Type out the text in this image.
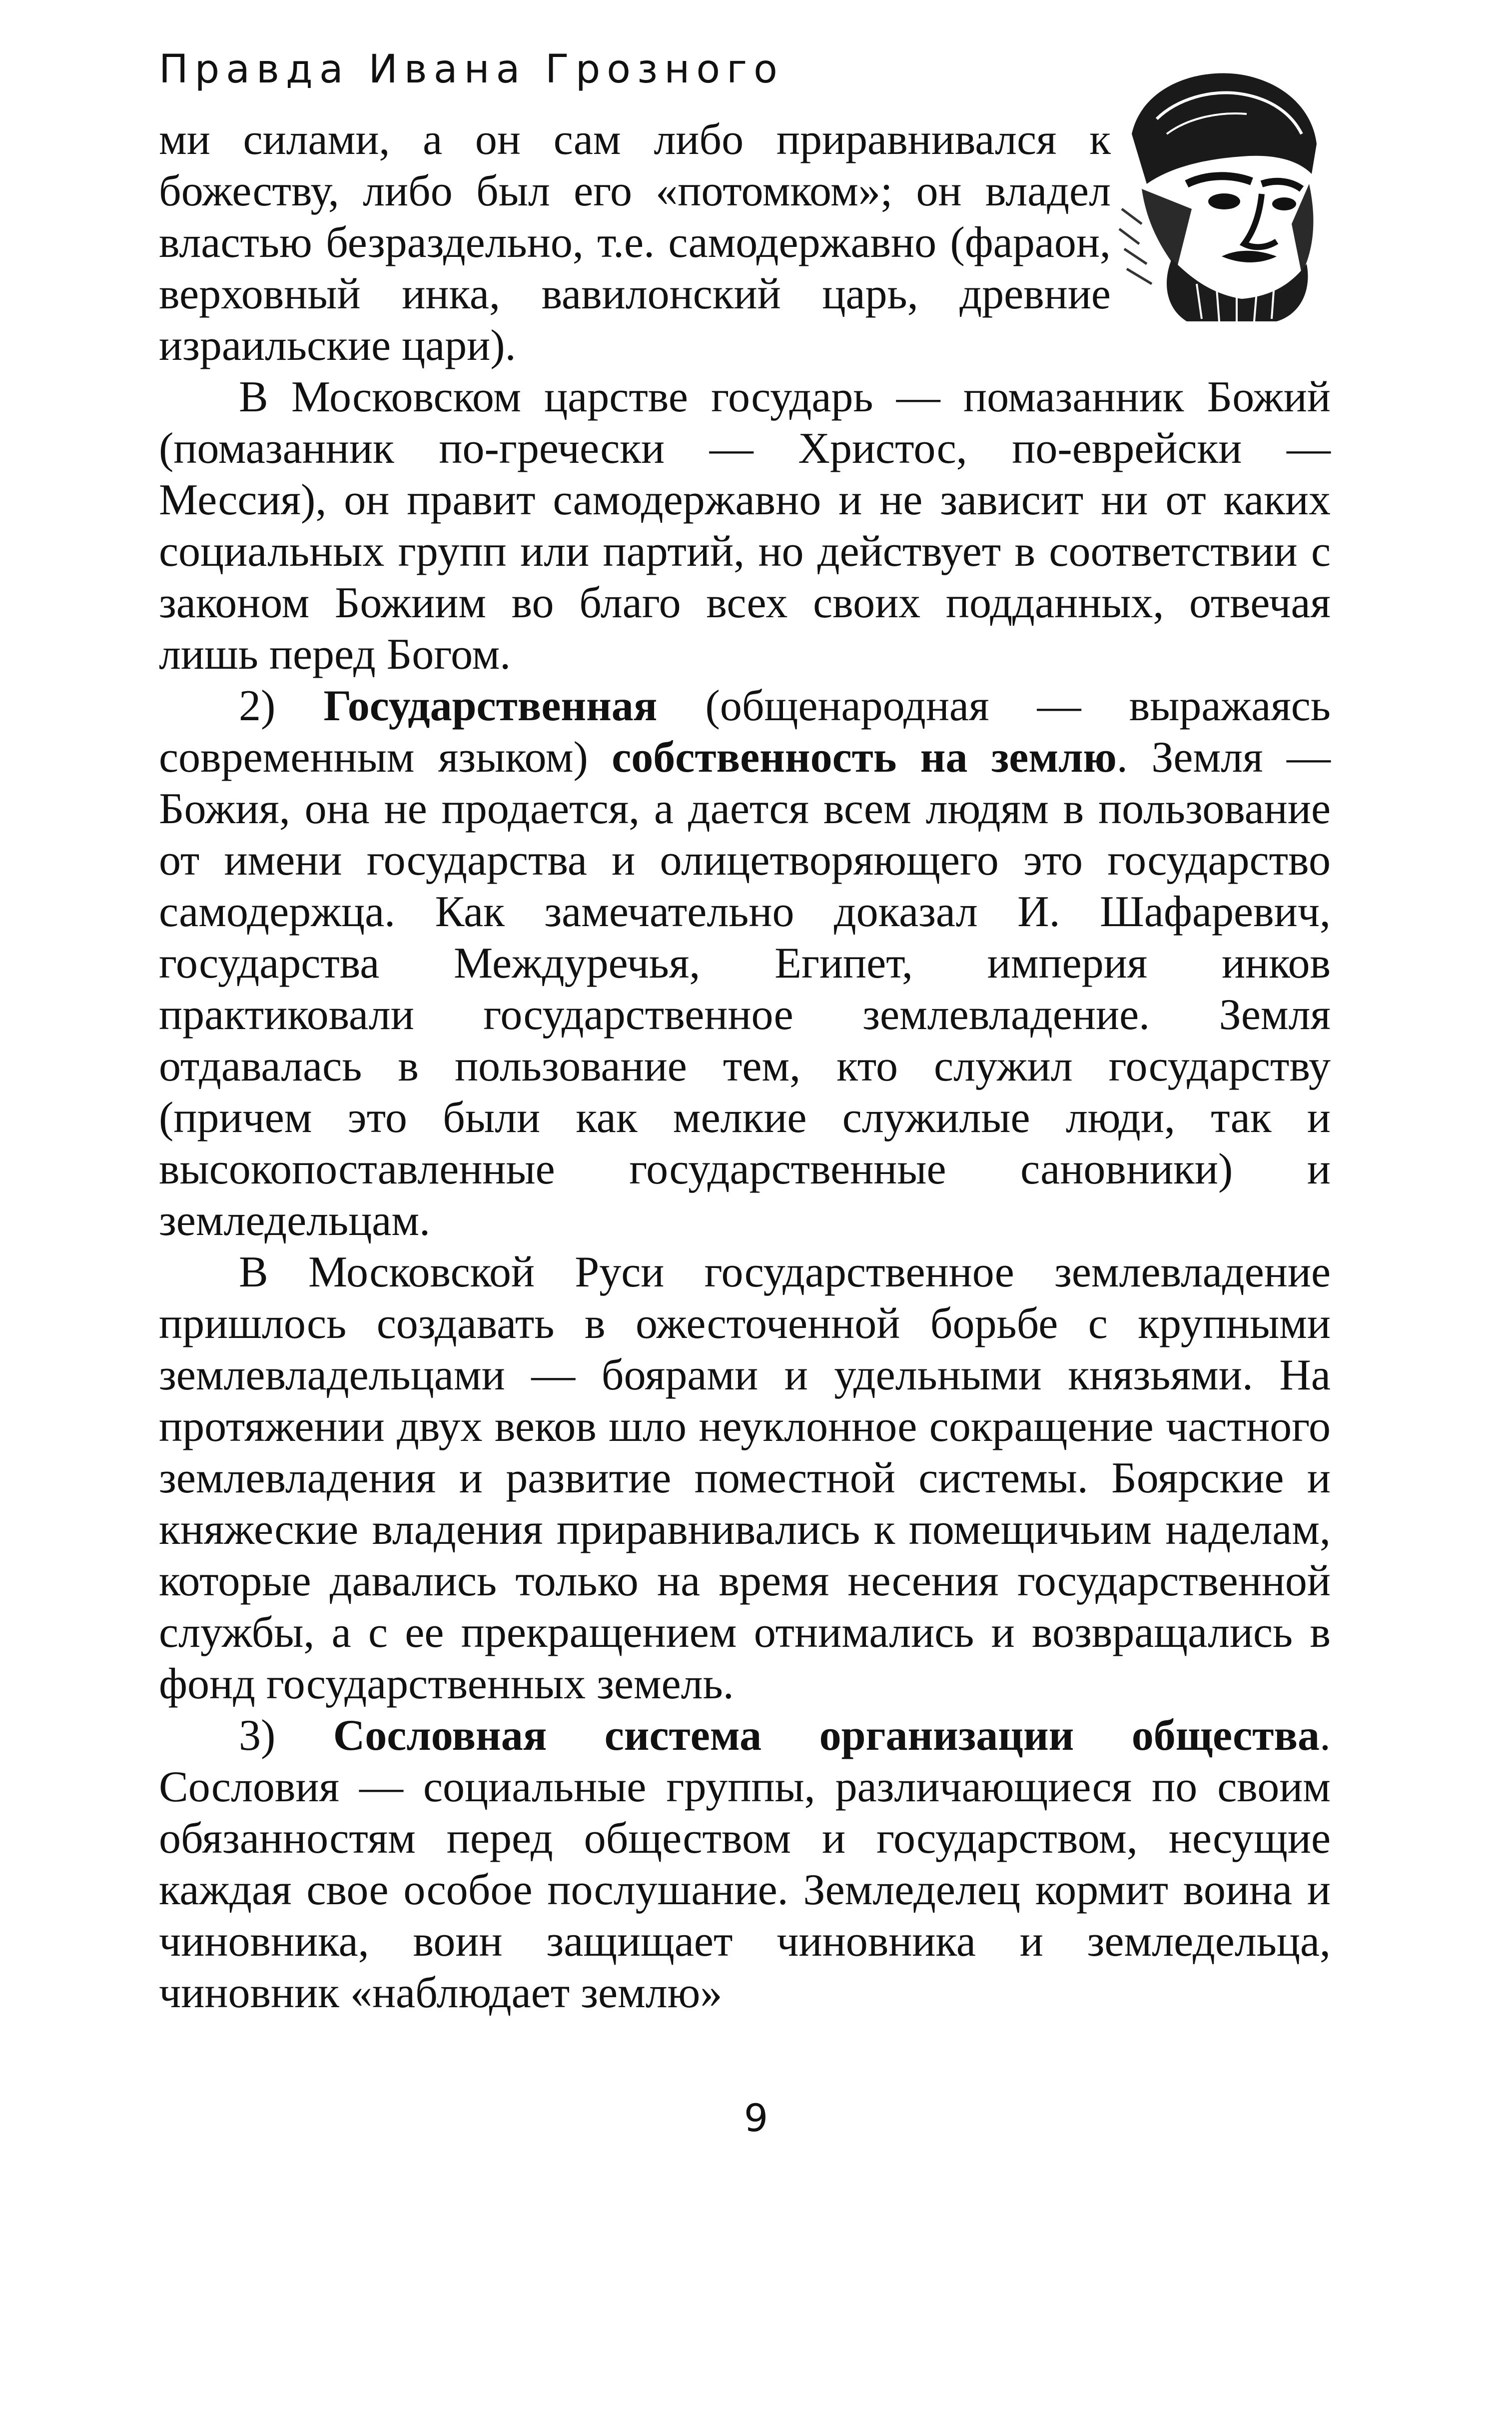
Правда Ивана Грозного

ми силами, а он сам либо приравнивался к божеству, либо был его «потомком»; он владел властью безраздельно, т.е. самодержавно (фараон, верховный инка, вавилонский царь, древние израильские цари).

В Московском царстве государь — помазанник Божий (помазанник по-гречески — Христос, по-еврейски — Мессия), он правит самодержавно и не зависит ни от каких социальных групп или партий, но действует в соответствии с законом Божиим во благо всех своих подданных, отвечая лишь перед Богом.

2) Государственная (общенародная — выражаясь современным языком) собственность на землю. Земля — Божия, она не продается, а дается всем людям в пользование от имени государства и олицетворяющего это государство самодержца. Как замечательно доказал И. Шафаревич, государства Междуречья, Египет, империя инков практиковали государственное землевладение. Земля отдавалась в пользование тем, кто служил государству (причем это были как мелкие служилые люди, так и высокопоставленные государственные сановники) и земледельцам.

В Московской Руси государственное землевладение пришлось создавать в ожесточенной борьбе с крупными землевладельцами — боярами и удельными князьями. На протяжении двух веков шло неуклонное сокращение частного землевладения и развитие поместной системы. Боярские и княжеские владения приравнивались к помещичьим наделам, которые давались только на время несения государственной службы, а с ее прекращением отнимались и возвращались в фонд государственных земель.

3) Сословная система организации общества. Сословия — социальные группы, различающиеся по своим обязанностям перед обществом и государством, несущие каждая свое особое послушание. Земледелец кормит воина и чиновника, воин защищает чиновника и земледельца, чиновник «наблюдает землю»

9
